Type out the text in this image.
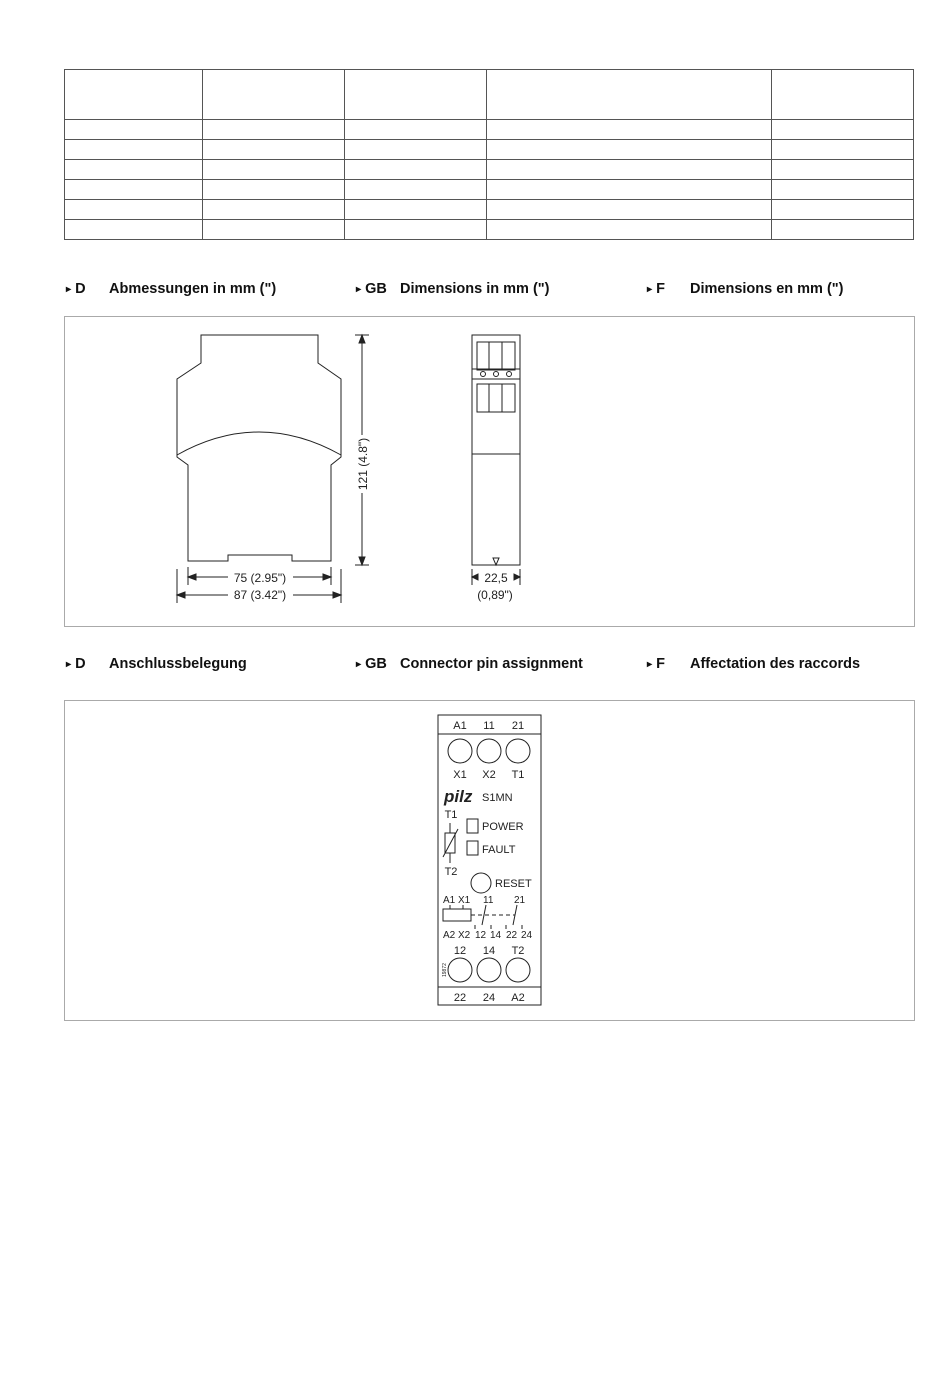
▸ D Abmessungen in mm (")	▸ GB Dimensions in mm (")	▸ F Dimensions en mm (")
121 (4.8")
75 (2.95")
87 (3.42")
22,5
(0,89")
▸ D Anschlussbelegung	▸ GB Connector pin assignment	▸ F Affectation des raccords
A1 11 21
X1 X2 T1
T1
T2
12 14 T2
22 24 A2
pilz S1MN
POWER
FAULT
RESET
A1 X1 11 21
A2 X2 12 14 22 24
19872
